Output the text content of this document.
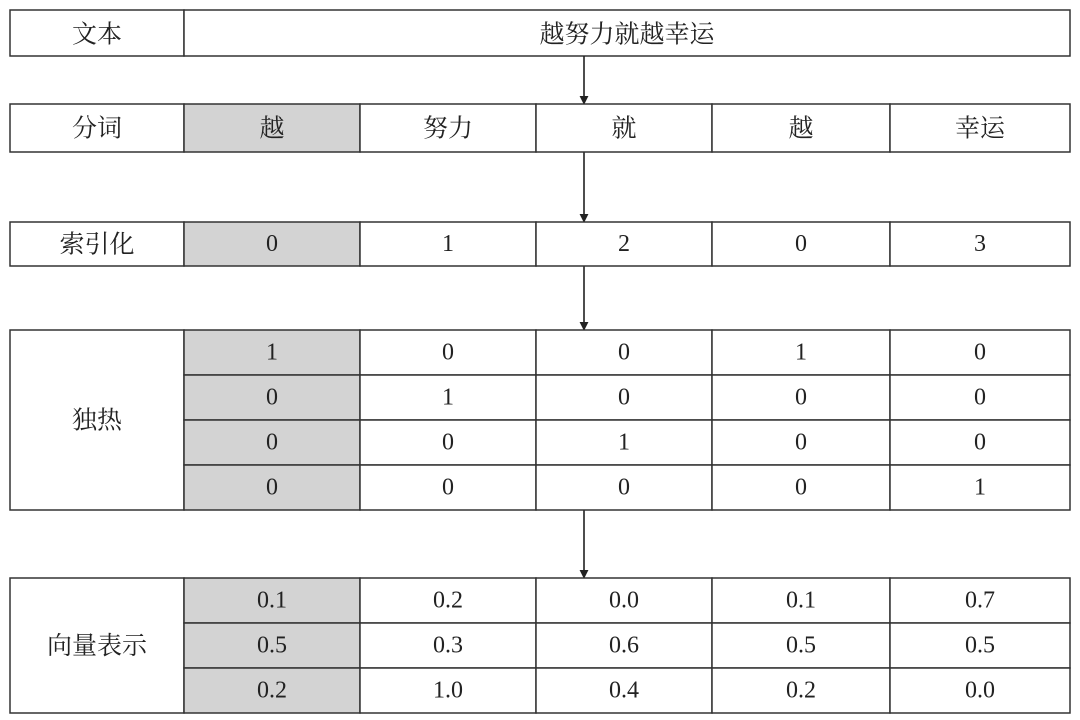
文本	越努力就越幸运
分词	越	努力	就	越	幸运
索引化	0	1	2	0	3
独热
1	0	0	1	0
0	1	0	0	0
0	0	1	0	0
0	0	0	0	1
向量表示
0.1	0.2	0.0	0.1	0.7
0.5	0.3	0.6	0.5	0.5
0.2	1.0	0.4	0.2	0.0
